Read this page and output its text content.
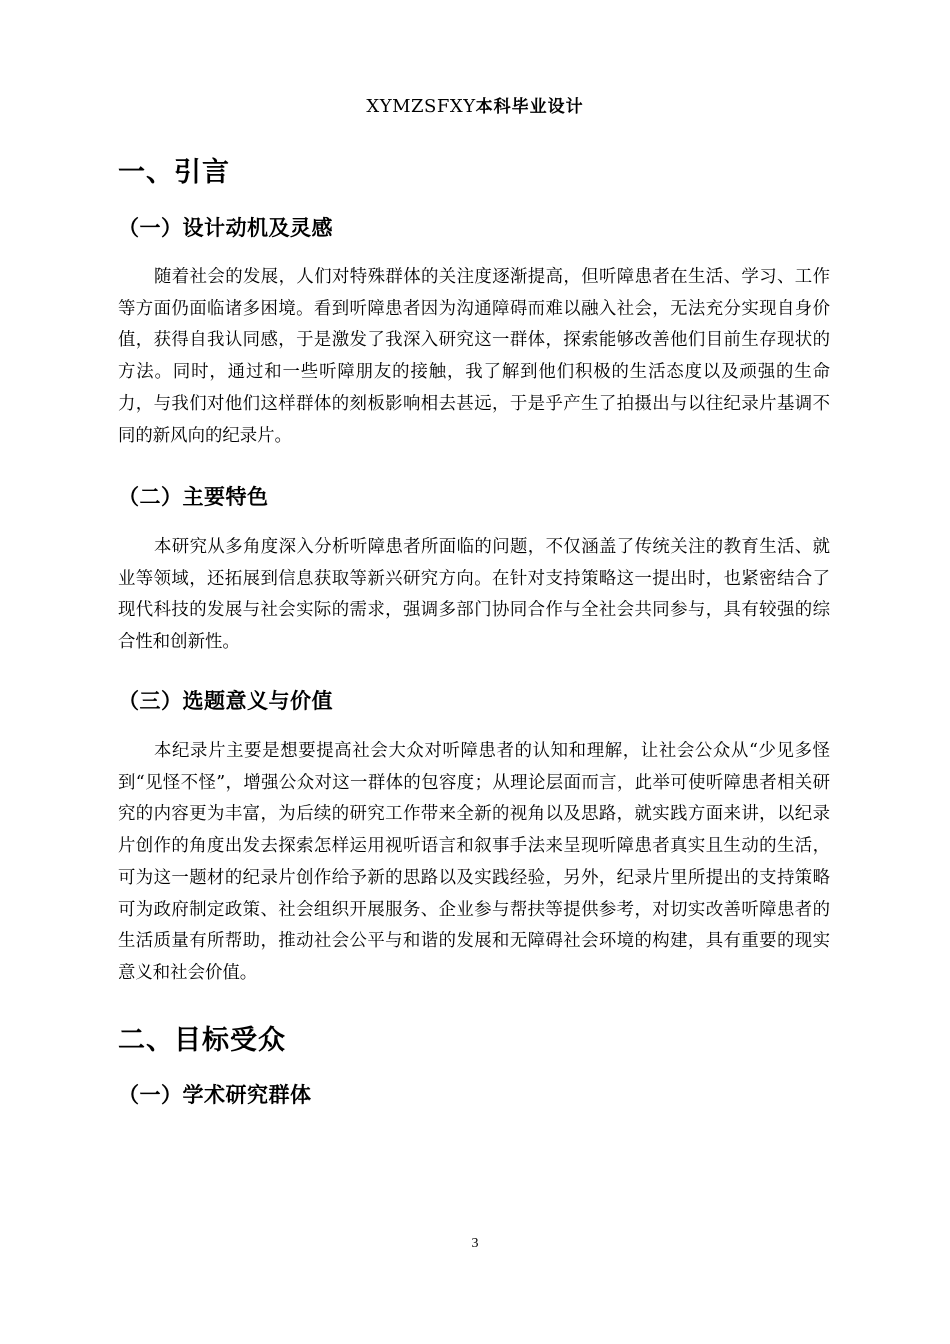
XYMZSFXY本科毕业设计
一、引言
（一）设计动机及灵感

随着社会的发展，人们对特殊群体的关注度逐渐提高，但听障患者在生活、学习、工作等方面仍面临诸多困境。看到听障患者因为沟通障碍而难以融入社会，无法充分实现自身价值，获得自我认同感，于是激发了我深入研究这一群体，探索能够改善他们目前生存现状的方法。同时，通过和一些听障朋友的接触，我了解到他们积极的生活态度以及顽强的生命力，与我们对他们这样群体的刻板影响相去甚远，于是乎产生了拍摄出与以往纪录片基调不同的新风向的纪录片。

（二）主要特色

本研究从多角度深入分析听障患者所面临的问题，不仅涵盖了传统关注的教育生活、就业等领域，还拓展到信息获取等新兴研究方向。在针对支持策略这一提出时，也紧密结合了现代科技的发展与社会实际的需求，强调多部门协同合作与全社会共同参与，具有较强的综合性和创新性。

（三）选题意义与价值

本纪录片主要是想要提高社会大众对听障患者的认知和理解，让社会公众从“少见多怪到“见怪不怪”，增强公众对这一群体的包容度；从理论层面而言，此举可使听障患者相关研究的内容更为丰富，为后续的研究工作带来全新的视角以及思路，就实践方面来讲，以纪录片创作的角度出发去探索怎样运用视听语言和叙事手法来呈现听障患者真实且生动的生活，可为这一题材的纪录片创作给予新的思路以及实践经验，另外，纪录片里所提出的支持策略可为政府制定政策、社会组织开展服务、企业参与帮扶等提供参考，对切实改善听障患者的生活质量有所帮助，推动社会公平与和谐的发展和无障碍社会环境的构建，具有重要的现实意义和社会价值。

二、目标受众
（一）学术研究群体
3
